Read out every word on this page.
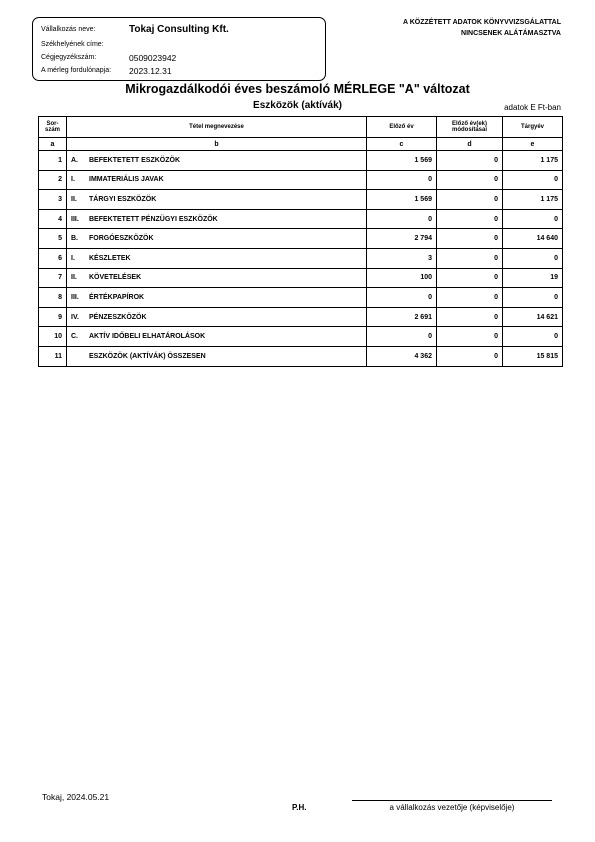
Vállalkozás neve:	Tokaj Consulting Kft.
Székhelyének címe:
Cégjegyzékszám:	0509023942
A mérleg fordulónapja: 2023.12.31
A KÖZZÉTETT ADATOK KÖNYVVIZSGÁLATTAL
NINCSENEK ALÁTÁMASZTVA
Mikrogazdálkodói éves beszámoló MÉRLEGE "A" változat
Eszközök (aktívák)	adatok E Ft-ban
Sor-szám	Tétel megnevezése	Előző év	Előző év(ek) módosításai	Tárgyév
a	b	c	d	e
1	A. BEFEKTETETT ESZKÖZÖK	1 569	0	1 175
2	I. IMMATERIÁLIS JAVAK	0	0	0
3	II. TÁRGYI ESZKÖZÖK	1 569	0	1 175
4	III. BEFEKTETETT PÉNZÜGYI ESZKÖZÖK	0	0	0
5	B. FORGÓESZKÖZÖK	2 794	0	14 640
6	I. KÉSZLETEK	3	0	0
7	II. KÖVETELÉSEK	100	0	19
8	III. ÉRTÉKPAPÍROK	0	0	0
9	IV. PÉNZESZKÖZÖK	2 691	0	14 621
10	C. AKTÍV IDŐBELI ELHATÁROLÁSOK	0	0	0
11	ESZKÖZÖK (AKTÍVÁK) ÖSSZESEN	4 362	0	15 815
Tokaj, 2024.05.21
P.H.	a vállalkozás vezetője (képviselője)
